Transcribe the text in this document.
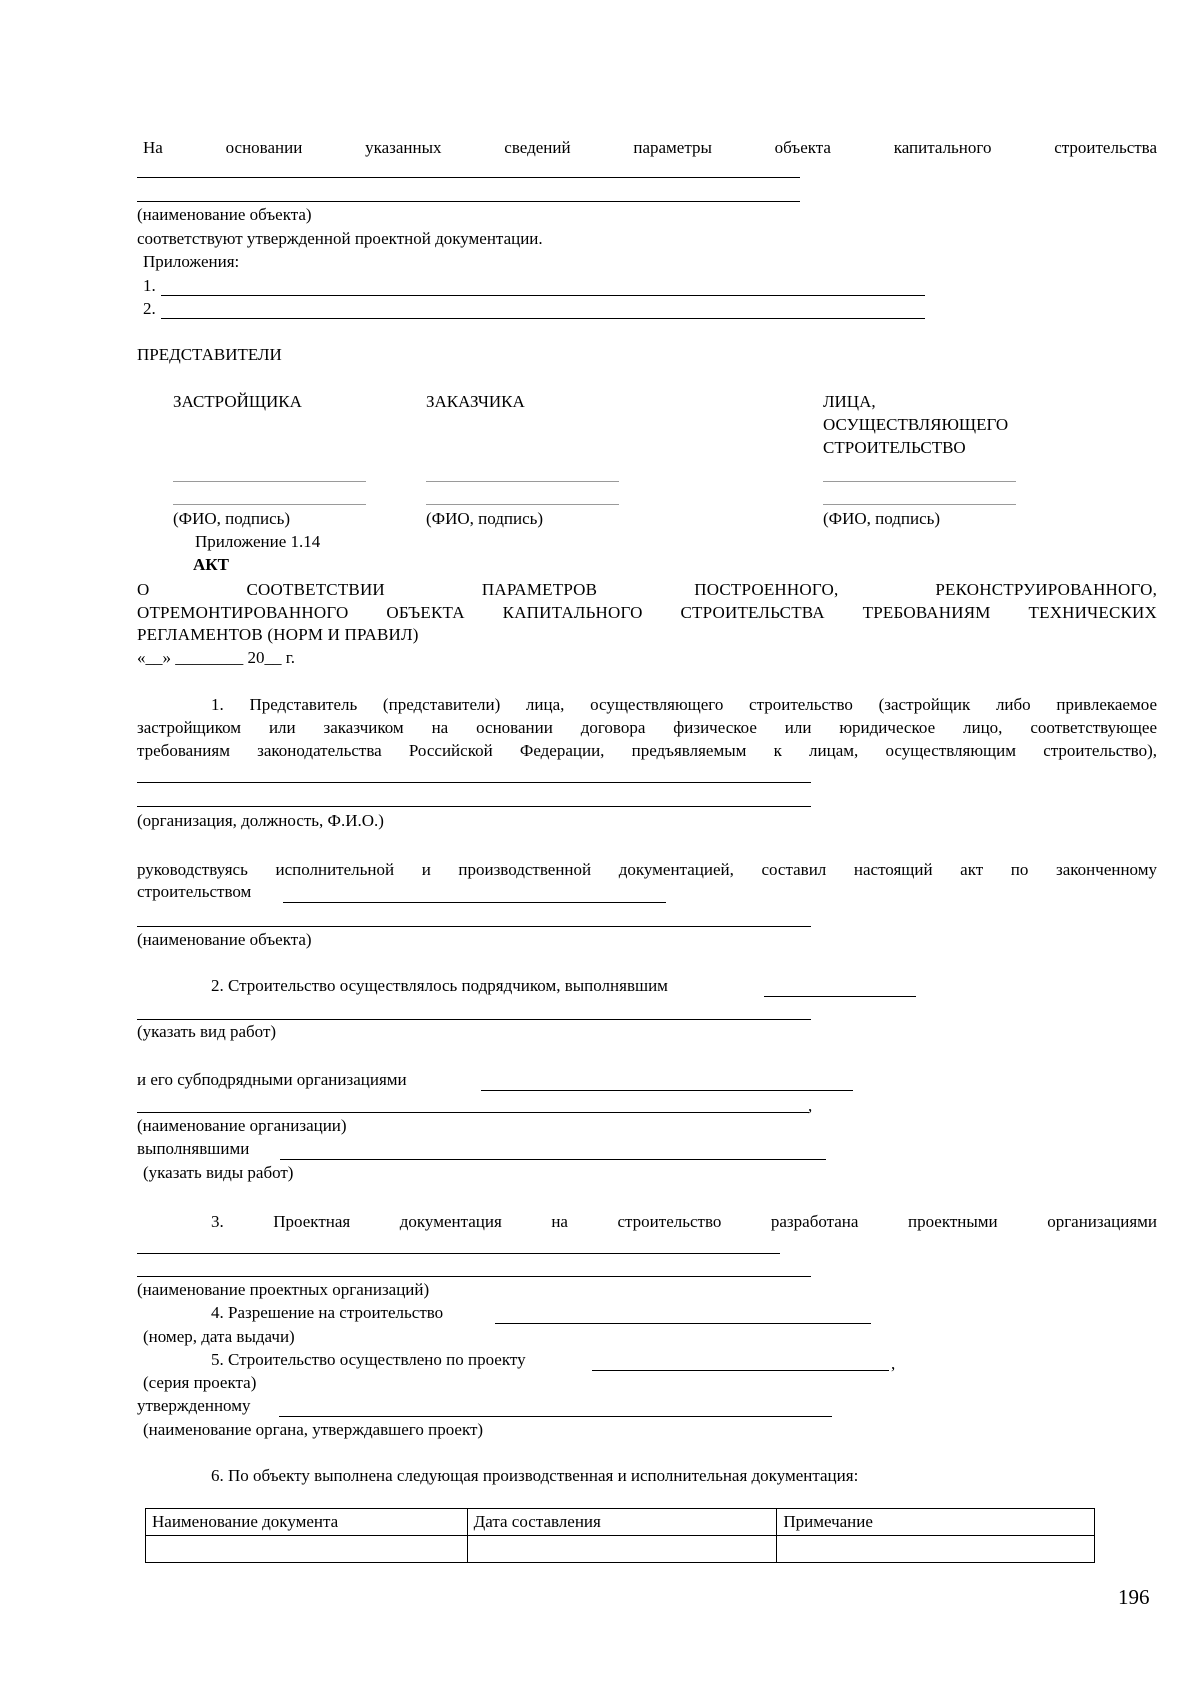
На	основании	указанных	сведений	параметры	объекта	капитального	строительства
(наименование объекта)
соответствуют утвержденной проектной документации.
Приложения:
1.
2.
ПРЕДСТАВИТЕЛИ
ЗАСТРОЙЩИКА	ЗАКАЗЧИКА	ЛИЦА,
ОСУЩЕСТВЛЯЮЩЕГО
СТРОИТЕЛЬСТВО
(ФИО, подпись)	(ФИО, подпись)	(ФИО, подпись)
Приложение 1.14
АКТ
О	СООТВЕТСТВИИ	ПАРАМЕТРОВ	ПОСТРОЕННОГО,	РЕКОНСТРУИРОВАННОГО,
ОТРЕМОНТИРОВАННОГО ОБЪЕКТА КАПИТАЛЬНОГО СТРОИТЕЛЬСТВА ТРЕБОВАНИЯМ ТЕХНИЧЕСКИХ
РЕГЛАМЕНТОВ (НОРМ И ПРАВИЛ)
«__» ________ 20__ г.
1. Представитель (представители) лица, осуществляющего строительство (застройщик либо привлекаемое
застройщиком или заказчиком на основании договора физическое или юридическое лицо, соответствующее
требованиям законодательства Российской Федерации, предъявляемым к лицам, осуществляющим строительство),
(организация, должность, Ф.И.О.)
руководствуясь исполнительной и производственной документацией, составил настоящий акт по законченному
строительством
(наименование объекта)
2. Строительство осуществлялось подрядчиком, выполнявшим
(указать вид работ)
и его субподрядными организациями
,
(наименование организации)
выполнявшими
(указать виды работ)
3.	Проектная	документация	на	строительство	разработана	проектными	организациями
(наименование проектных организаций)
4. Разрешение на строительство
(номер, дата выдачи)
5. Строительство осуществлено по проекту	,
(серия проекта)
утвержденному
(наименование органа, утверждавшего проект)
6. По объекту выполнена следующая производственная и исполнительная документация:
Наименование документа	Дата составления	Примечание

196
